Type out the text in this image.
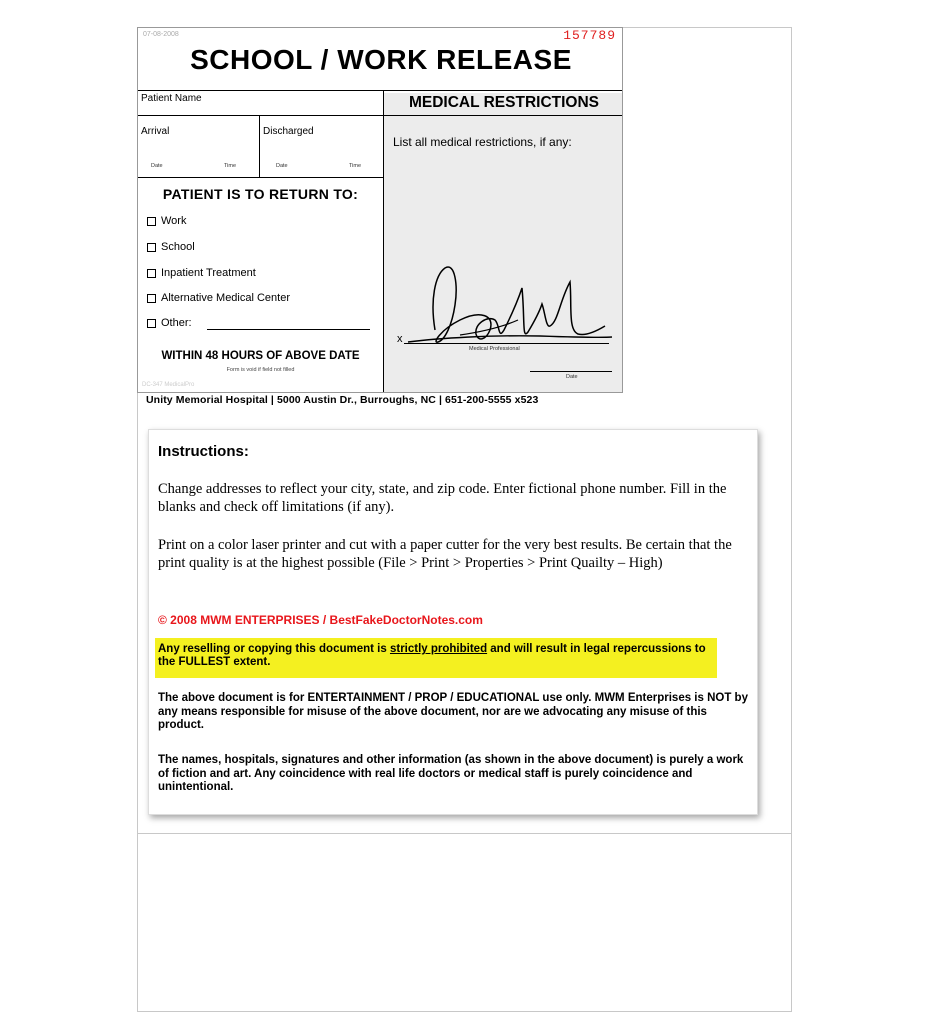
07-08-2008	157789
SCHOOL / WORK RELEASE
Patient Name
Arrival	Discharged
Date	Time	Date	Time
PATIENT IS TO RETURN TO:
Work
School
Inpatient Treatment
Alternative Medical Center
Other:
WITHIN 48 HOURS OF ABOVE DATE
Form is void if field not filled
DC-347 MedicalPro
MEDICAL RESTRICTIONS
List all medical restrictions, if any:
x
Medical Professional
Date
Unity Memorial Hospital | 5000 Austin Dr., Burroughs, NC | 651-200-5555 x523
Instructions:
Change addresses to reflect your city, state, and zip code. Enter fictional phone number. Fill in the blanks and check off limitations (if any).
Print on a color laser printer and cut with a paper cutter for the very best results. Be certain that the print quality is at the highest possible (File > Print > Properties > Print Quailty – High)
© 2008 MWM ENTERPRISES / BestFakeDoctorNotes.com
Any reselling or copying this document is strictly prohibited and will result in legal repercussions to the FULLEST extent.
The above document is for ENTERTAINMENT / PROP / EDUCATIONAL use only. MWM Enterprises is NOT by any means responsible for misuse of the above document, nor are we advocating any misuse of this product.
The names, hospitals, signatures and other information (as shown in the above document) is purely a work of fiction and art. Any coincidence with real life doctors or medical staff is purely coincidence and unintentional.
